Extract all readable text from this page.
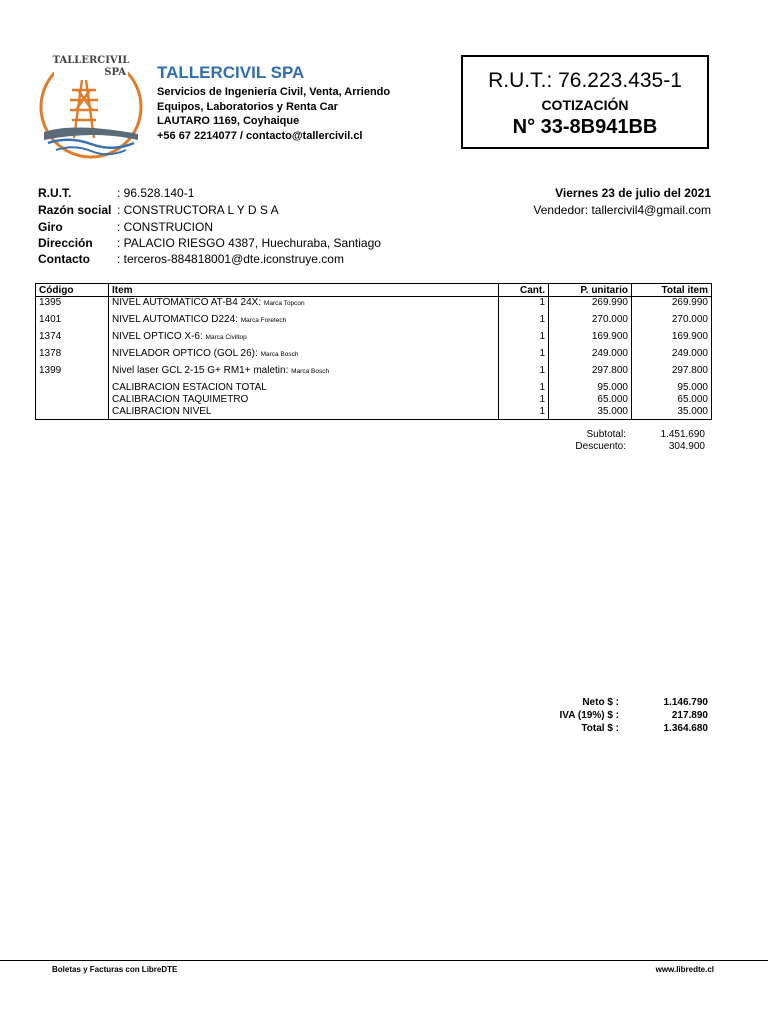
TALLERCIVIL
SPA TALLERCIVIL SPA
Servicios de Ingeniería Civil, Venta, Arriendo
Equipos, Laboratorios y Renta Car
LAUTARO 1169, Coyhaique
+56 67 2214077 / contacto@tallercivil.cl
R.U.T.: 76.223.435-1
COTIZACIÓN
N° 33-8B941BB
R.U.T.	: 96.528.140-1
Razón social : CONSTRUCTORA L Y D S A
Giro	: CONSTRUCION
Dirección : PALACIO RIESGO 4387, Huechuraba, Santiago
Contacto : terceros-884818001@dte.iconstruye.com
Viernes 23 de julio del 2021
Vendedor: tallercivil4@gmail.com
Código	Item	Cant.	P. unitario	Total item
1395	NIVEL AUTOMATICO AT-B4 24X: Marca Topcon	1	269.990	269.990
1401	NIVEL AUTOMATICO D224: Marca Foretech	1	270.000	270.000
1374	NIVEL OPTICO X-6: Marca Civiltop	1	169.900	169.900
1378	NIVELADOR OPTICO (GOL 26): Marca Bosch	1	249.000	249.000
1399	Nivel laser GCL 2-15 G+ RM1+ maletin: Marca Bosch	1	297.800	297.800
	CALIBRACION ESTACION TOTAL	1	95.000	95.000
	CALIBRACION TAQUIMETRO	1	65.000	65.000
	CALIBRACION NIVEL	1	35.000	35.000
Subtotal:	1.451.690
Descuento:	304.900
Neto $ :	1.146.790
IVA (19%) $ :	217.890
Total $ :	1.364.680
Boletas y Facturas con LibreDTE	www.libredte.cl
